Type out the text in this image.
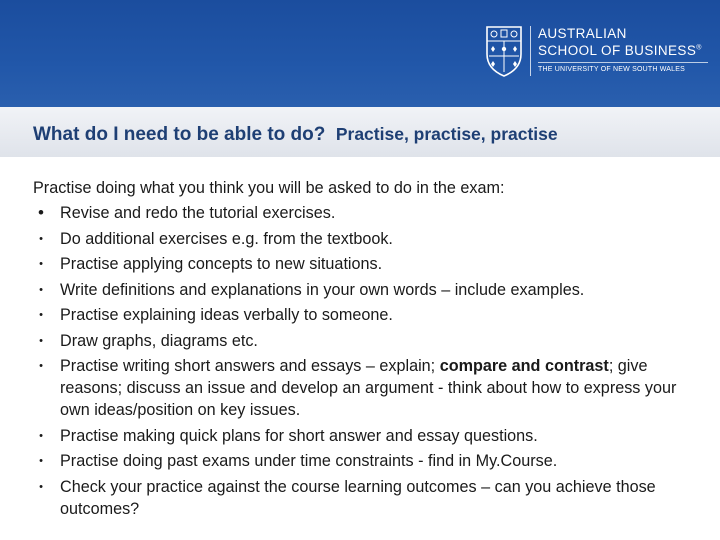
AUSTRALIAN
SCHOOL OF BUSINESS®
THE UNIVERSITY OF NEW SOUTH WALES
What do I need to be able to do? Practise, practise, practise
Practise doing what you think you will be asked to do in the exam:
• Revise and redo the tutorial exercises.
•	Do additional exercises e.g. from the textbook.
•	Practise applying concepts to new situations.
•	Write definitions and explanations in your own words – include examples.
•	Practise explaining ideas verbally to someone.
•	Draw graphs, diagrams etc.
•	Practise writing short answers and essays – explain; compare and contrast; give reasons; discuss an issue and develop an argument - think about how to express your own ideas/position on key issues.
•	Practise making quick plans for short answer and essay questions.
•	Practise doing past exams under time constraints - find in My.Course.
•	Check your practice against the course learning outcomes – can you achieve those outcomes?
